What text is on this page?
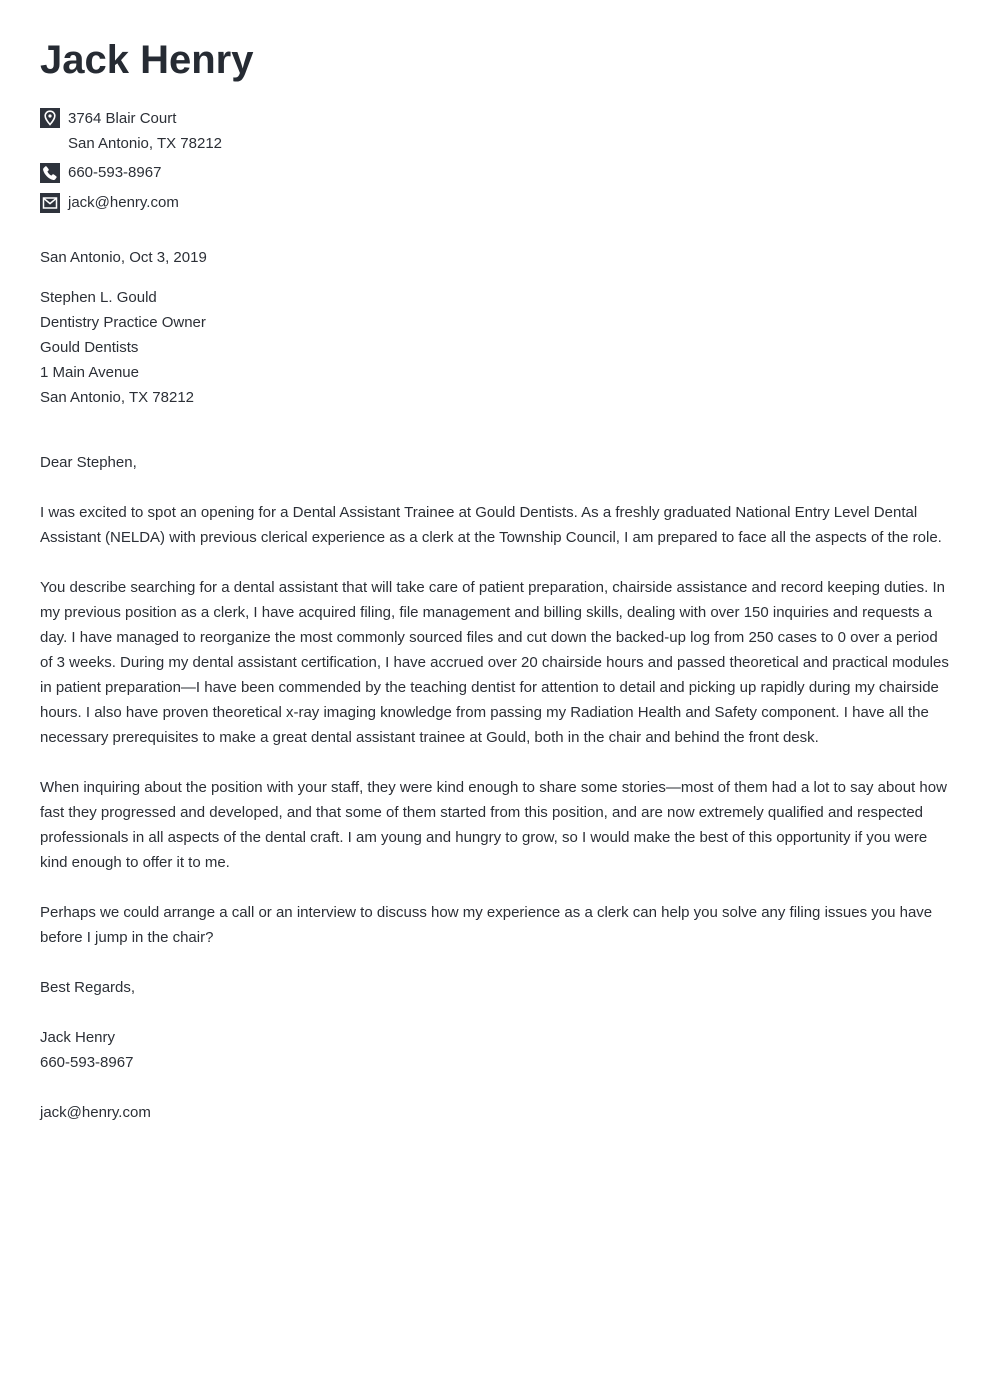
Jack Henry
3764 Blair Court
San Antonio, TX 78212
660-593-8967
jack@henry.com
San Antonio, Oct 3, 2019
Stephen L. Gould
Dentistry Practice Owner
Gould Dentists
1 Main Avenue
San Antonio, TX 78212
Dear Stephen,

I was excited to spot an opening for a Dental Assistant Trainee at Gould Dentists. As a freshly graduated National Entry Level Dental Assistant (NELDA) with previous clerical experience as a clerk at the Township Council, I am prepared to face all the aspects of the role.

You describe searching for a dental assistant that will take care of patient preparation, chairside assistance and record keeping duties. In my previous position as a clerk, I have acquired filing, file management and billing skills, dealing with over 150 inquiries and requests a day. I have managed to reorganize the most commonly sourced files and cut down the backed-up log from 250 cases to 0 over a period of 3 weeks. During my dental assistant certification, I have accrued over 20 chairside hours and passed theoretical and practical modules in patient preparation—I have been commended by the teaching dentist for attention to detail and picking up rapidly during my chairside hours. I also have proven theoretical x-ray imaging knowledge from passing my Radiation Health and Safety component. I have all the necessary prerequisites to make a great dental assistant trainee at Gould, both in the chair and behind the front desk.

When inquiring about the position with your staff, they were kind enough to share some stories—most of them had a lot to say about how fast they progressed and developed, and that some of them started from this position, and are now extremely qualified and respected professionals in all aspects of the dental craft. I am young and hungry to grow, so I would make the best of this opportunity if you were kind enough to offer it to me.

Perhaps we could arrange a call or an interview to discuss how my experience as a clerk can help you solve any filing issues you have before I jump in the chair?

Best Regards,
Jack Henry
660-593-8967
jack@henry.com
